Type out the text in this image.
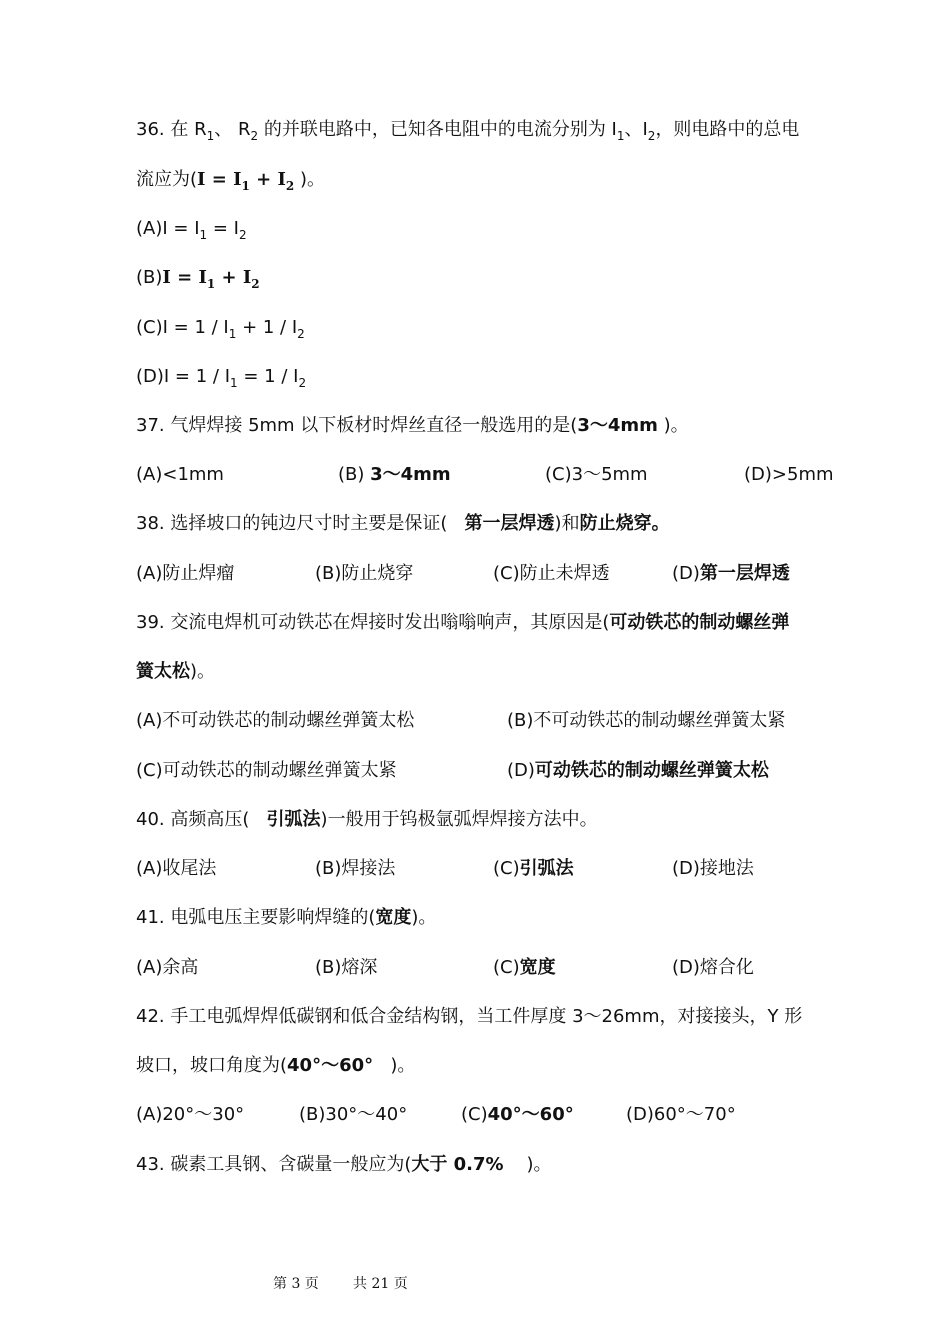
36. 在 $R_1$、 $R_2$ 的并联电路中，已知各电阻中的电流分别为 $I_1$、$I_2$，则电路中的总电
流应为($I = I_1 + I_2$ )。
$(A)I = I_1 = I_2$
$(B)I = I_1 + I_2$
$(C)I = 1 / I_1 + 1 / I_2$
$(D)I = 1 / I_1 = 1 / I_2$
37. 气焊焊接 5mm 以下板材时焊丝直径一般选用的是(3～4mm )。
(A)<1mm	(B) 3～4mm	(C)3～5mm	(D)>5mm
38. 选择坡口的钝边尺寸时主要是保证( 第一层焊透)和防止烧穿。
(A)防止焊瘤	(B)防止烧穿	(C)防止未焊透	(D)第一层焊透
39. 交流电焊机可动铁芯在焊接时发出嗡嗡响声，其原因是(可动铁芯的制动螺丝弹
簧太松)。
(A)不可动铁芯的制动螺丝弹簧太松	(B)不可动铁芯的制动螺丝弹簧太紧
(C)可动铁芯的制动螺丝弹簧太紧	(D)可动铁芯的制动螺丝弹簧太松
40. 高频高压( 引弧法)一般用于钨极氩弧焊焊接方法中。
(A)收尾法	(B)焊接法	(C)引弧法	(D)接地法
41. 电弧电压主要影响焊缝的(宽度)。
(A)余高	(B)熔深	(C)宽度	(D)熔合化
42. 手工电弧焊焊低碳钢和低合金结构钢，当工件厚度 3～26mm，对接接头，Y 形
坡口，坡口角度为(40°～60°   )。
(A)20°～30°	(B)30°～40°	(C)40°～60°	(D)60°～70°
43. 碳素工具钢、含碳量一般应为(大于 0.7%    )。
第 3 页 共 21 页
